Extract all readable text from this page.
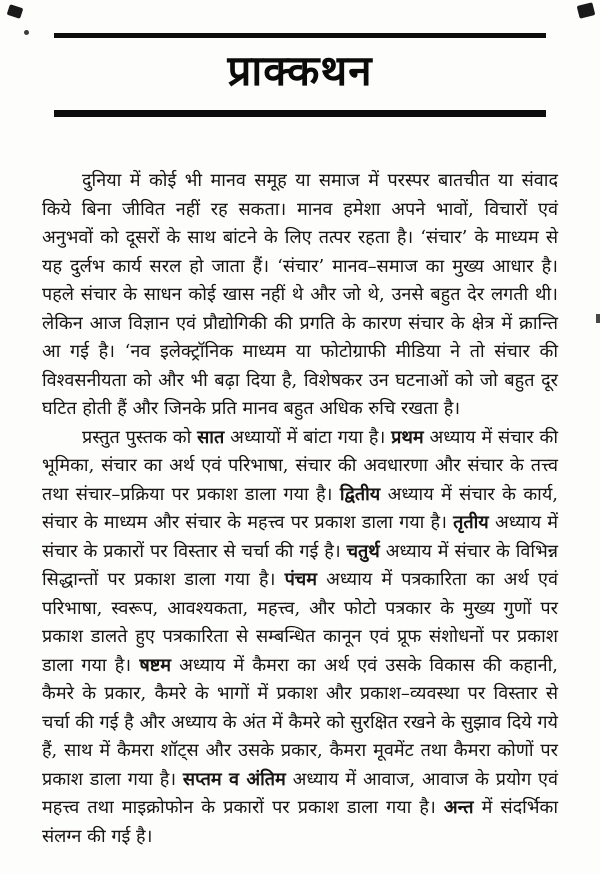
प्राक्कथन

दुनिया में कोई भी मानव समूह या समाज में परस्पर बातचीत या संवाद किये बिना जीवित नहीं रह सकता। मानव हमेशा अपने भावों, विचारों एवं अनुभवों को दूसरों के साथ बांटने के लिए तत्पर रहता है। ‘संचार’ के माध्यम से यह दुर्लभ कार्य सरल हो जाता हैं। ‘संचार’ मानव–समाज का मुख्य आधार है। पहले संचार के साधन कोई खास नहीं थे और जो थे, उनसे बहुत देर लगती थी। लेकिन आज विज्ञान एवं प्रौद्योगिकी की प्रगति के कारण संचार के क्षेत्र में क्रान्ति आ गई है। ‘नव इलेक्ट्रॉनिक माध्यम या फोटोग्राफी मीडिया ने तो संचार की विश्वसनीयता को और भी बढ़ा दिया है, विशेषकर उन घटनाओं को जो बहुत दूर घटित होती हैं और जिनके प्रति मानव बहुत अधिक रुचि रखता है।

प्रस्तुत पुस्तक को सात अध्यायों में बांटा गया है। प्रथम अध्याय में संचार की भूमिका, संचार का अर्थ एवं परिभाषा, संचार की अवधारणा और संचार के तत्त्व तथा संचार–प्रक्रिया पर प्रकाश डाला गया है। द्वितीय अध्याय में संचार के कार्य, संचार के माध्यम और संचार के महत्त्व पर प्रकाश डाला गया है। तृतीय अध्याय में संचार के प्रकारों पर विस्तार से चर्चा की गई है। चतुर्थ अध्याय में संचार के विभिन्न सिद्धान्तों पर प्रकाश डाला गया है। पंचम अध्याय में पत्रकारिता का अर्थ एवं परिभाषा, स्वरूप, आवश्यकता, महत्त्व, और फोटो पत्रकार के मुख्य गुणों पर प्रकाश डालते हुए पत्रकारिता से सम्बन्धित कानून एवं प्रूफ संशोधनों पर प्रकाश डाला गया है। षष्टम अध्याय में कैमरा का अर्थ एवं उसके विकास की कहानी, कैमरे के प्रकार, कैमरे के भागों में प्रकाश और प्रकाश–व्यवस्था पर विस्तार से चर्चा की गई है और अध्याय के अंत में कैमरे को सुरक्षित रखने के सुझाव दिये गये हैं, साथ में कैमरा शॉट्स और उसके प्रकार, कैमरा मूवमेंट तथा कैमरा कोणों पर प्रकाश डाला गया है। सप्तम व अंतिम अध्याय में आवाज, आवाज के प्रयोग एवं महत्त्व तथा माइक्रोफोन के प्रकारों पर प्रकाश डाला गया है। अन्त में संदर्भिका संलग्न की गई है।
